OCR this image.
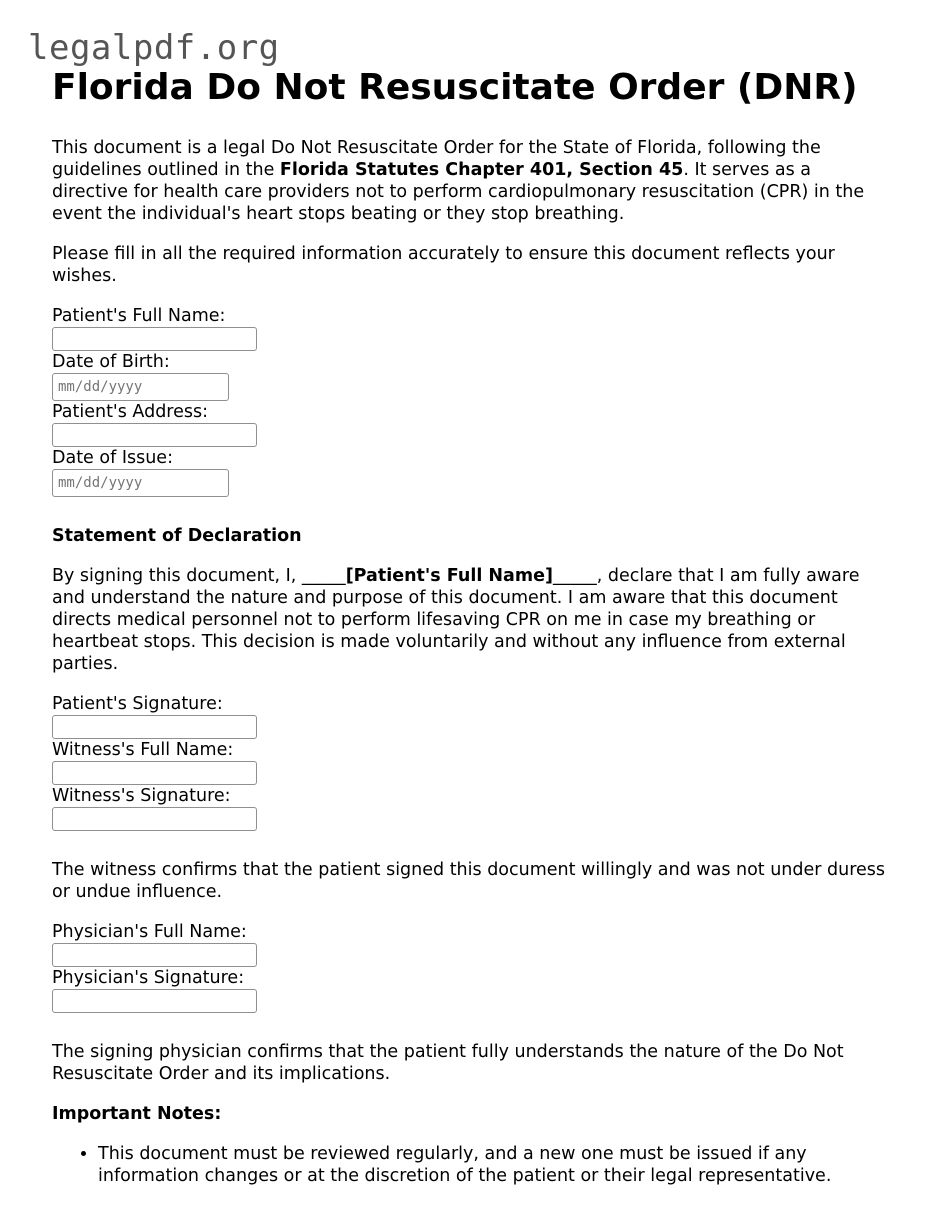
legalpdf.org
Florida Do Not Resuscitate Order (DNR)

This document is a legal Do Not Resuscitate Order for the State of Florida, following the guidelines outlined in the Florida Statutes Chapter 401, Section 45. It serves as a directive for health care providers not to perform cardiopulmonary resuscitation (CPR) in the event the individual's heart stops beating or they stop breathing.

Please fill in all the required information accurately to ensure this document reflects your wishes.

Patient's Full Name:
Date of Birth:
mm/dd/yyyy
Patient's Address:
Date of Issue:
mm/dd/yyyy
Statement of Declaration

By signing this document, I, _____[Patient's Full Name]_____, declare that I am fully aware and understand the nature and purpose of this document. I am aware that this document directs medical personnel not to perform lifesaving CPR on me in case my breathing or heartbeat stops. This decision is made voluntarily and without any influence from external parties.

Patient's Signature:
Witness's Full Name:
Witness's Signature:

The witness confirms that the patient signed this document willingly and was not under duress or undue influence.

Physician's Full Name:
Physician's Signature:

The signing physician confirms that the patient fully understands the nature of the Do Not Resuscitate Order and its implications.

Important Notes:
• This document must be reviewed regularly, and a new one must be issued if any information changes or at the discretion of the patient or their legal representative.
